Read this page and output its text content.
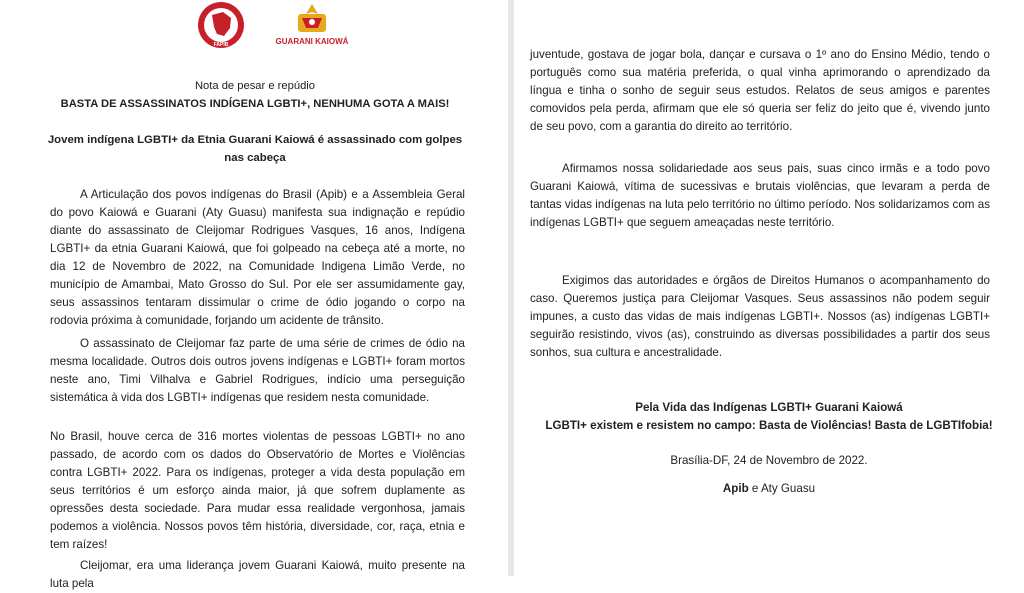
FAPIB	GUARANI KAIOWÁ
Nota de pesar e repúdio
BASTA DE ASSASSINATOS INDÍGENA LGBTI+, NENHUMA GOTA A MAIS!
Jovem indígena LGBTI+ da Etnia Guarani Kaiowá é assassinado com golpes nas cabeça
A Articulação dos povos indígenas do Brasil (Apib) e a Assembleia Geral do povo Kaiowá e Guarani (Aty Guasu) manifesta sua indignação e repúdio diante do assassinato de Cleijomar Rodrigues Vasques, 16 anos, Indígena LGBTI+ da etnia Guarani Kaiowá, que foi golpeado na cebeça até a morte, no dia 12 de Novembro de 2022, na Comunidade Indigena Limão Verde, no município de Amambai, Mato Grosso do Sul. Por ele ser assumidamente gay, seus assassinos tentaram dissimular o crime de ódio jogando o corpo na rodovia próxima à comunidade, forjando um acidente de trânsito.
O assassinato de Cleijomar faz parte de uma série de crimes de ódio na mesma localidade. Outros dois outros jovens indígenas e LGBTI+ foram mortos neste ano, Timi Vilhalva e Gabriel Rodrigues, indício uma perseguição sistemática à vida dos LGBTI+ indígenas que residem nesta comunidade.
No Brasil, houve cerca de 316 mortes violentas de pessoas LGBTI+ no ano passado, de acordo com os dados do Observatório de Mortes e Violências contra LGBTI+ 2022. Para os indígenas, proteger a vida desta população em seus territórios é um esforço ainda maior, já que sofrem duplamente as opressões desta sociedade. Para mudar essa realidade vergonhosa, jamais podemos a violência. Nossos povos têm história, diversidade, cor, raça, etnia e tem raízes!
Cleijomar, era uma liderança jovem Guarani Kaiowá, muito presente na luta pela
juventude, gostava de jogar bola, dançar e cursava o 1º ano do Ensino Médio, tendo o português como sua matéria preferida, o qual vinha aprimorando o aprendizado da língua e tinha o sonho de seguir seus estudos. Relatos de seus amigos e parentes comovidos pela perda, afirmam que ele só queria ser feliz do jeito que é, vivendo junto de seu povo, com a garantia do direito ao território.
Afirmamos nossa solidariedade aos seus pais, suas cinco irmãs e a todo povo Guarani Kaiowá, vítima de sucessivas e brutais violências, que levaram a perda de tantas vidas indígenas na luta pelo território no último período. Nos solidarizamos com as indígenas LGBTI+ que seguem ameaçadas neste território.
Exigimos das autoridades e órgãos de Direitos Humanos o acompanhamento do caso. Queremos justiça para Cleijomar Vasques. Seus assassinos não podem seguir impunes, a custo das vidas de mais indígenas LGBTI+. Nossos (as) indígenas LGBTI+ seguirão resistindo, vivos (as), construindo as diversas possibilidades a partir dos seus sonhos, sua cultura e ancestralidade.
Pela Vida das Indígenas LGBTI+ Guarani Kaiowá
LGBTI+ existem e resistem no campo: Basta de Violências! Basta de LGBTIfobia!
Brasília-DF, 24 de Novembro de 2022.
Apib e Aty Guasu
